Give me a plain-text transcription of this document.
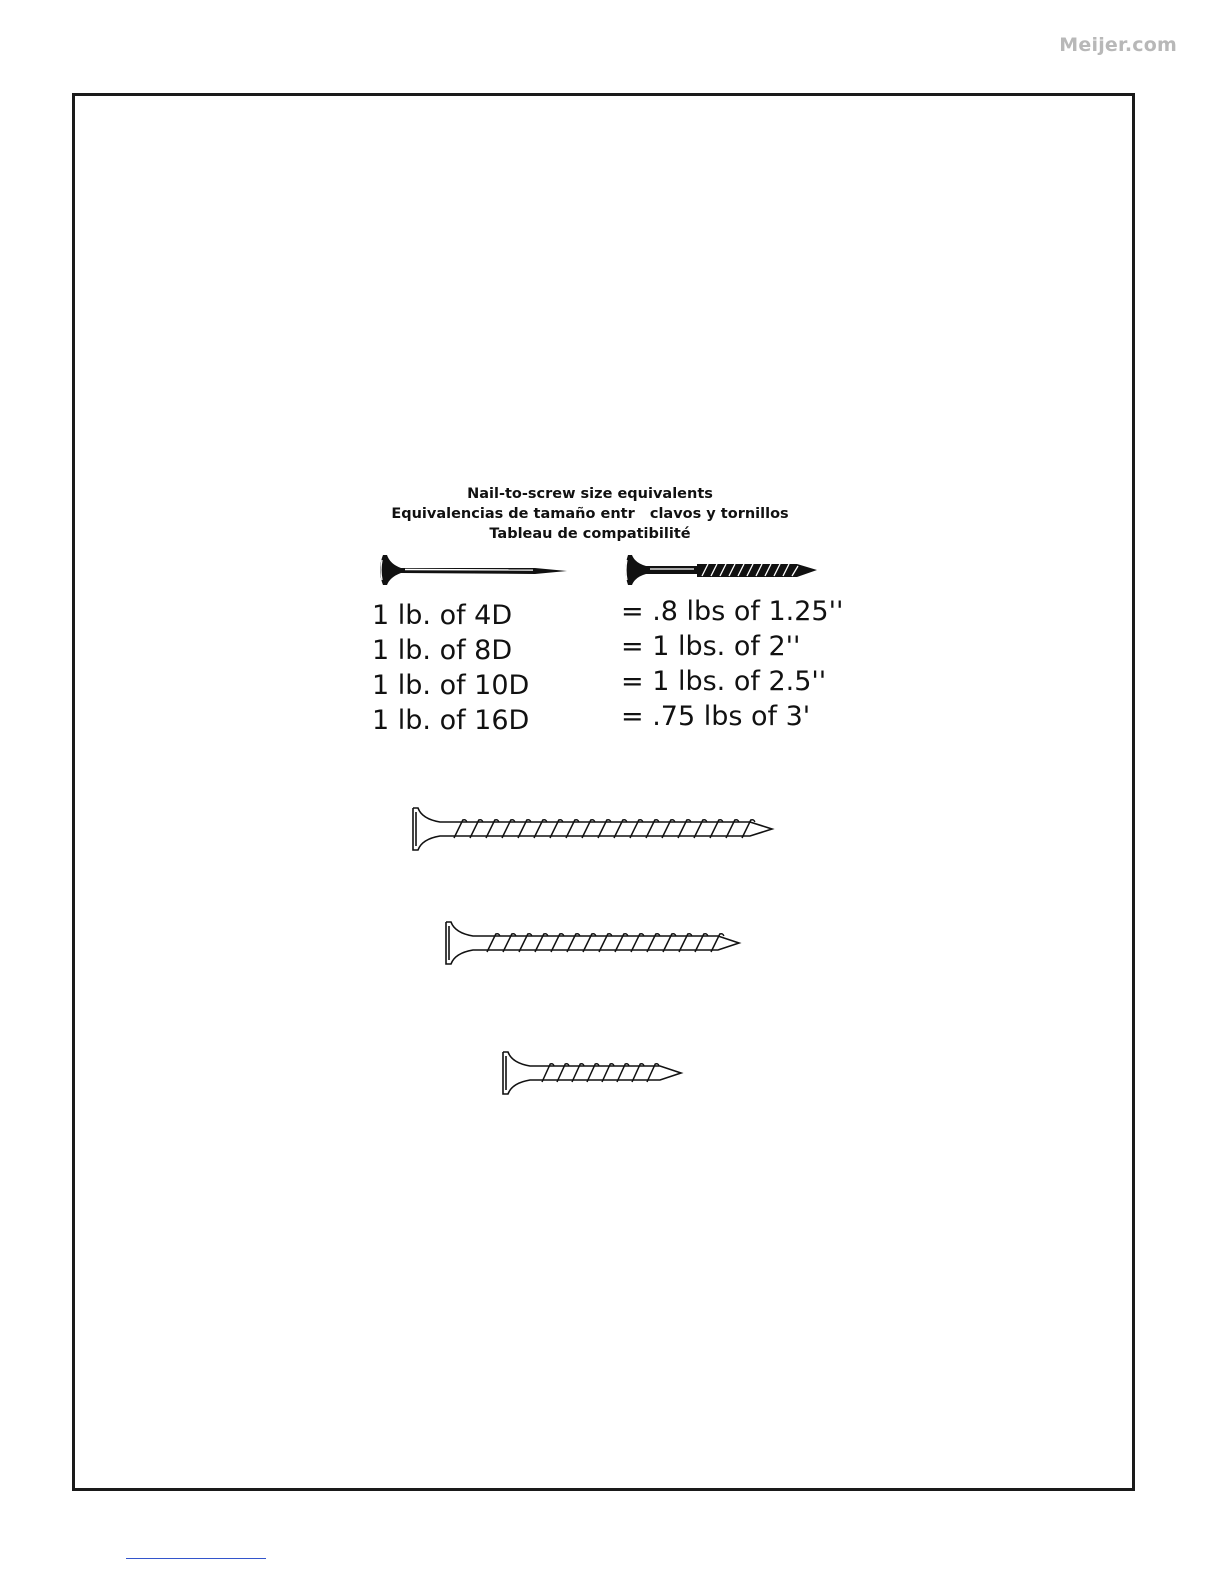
Meijer.com
Nail-to-screw size equivalents
Equivalencias de tamaño entr   clavos y tornillos
Tableau de compatibilité
1 lb. of 4D
1 lb. of 8D
1 lb. of 10D
1 lb. of 16D
= .8 lbs of 1.25''
= 1 lbs. of 2''
= 1 lbs. of 2.5''
= .75 lbs of 3'
